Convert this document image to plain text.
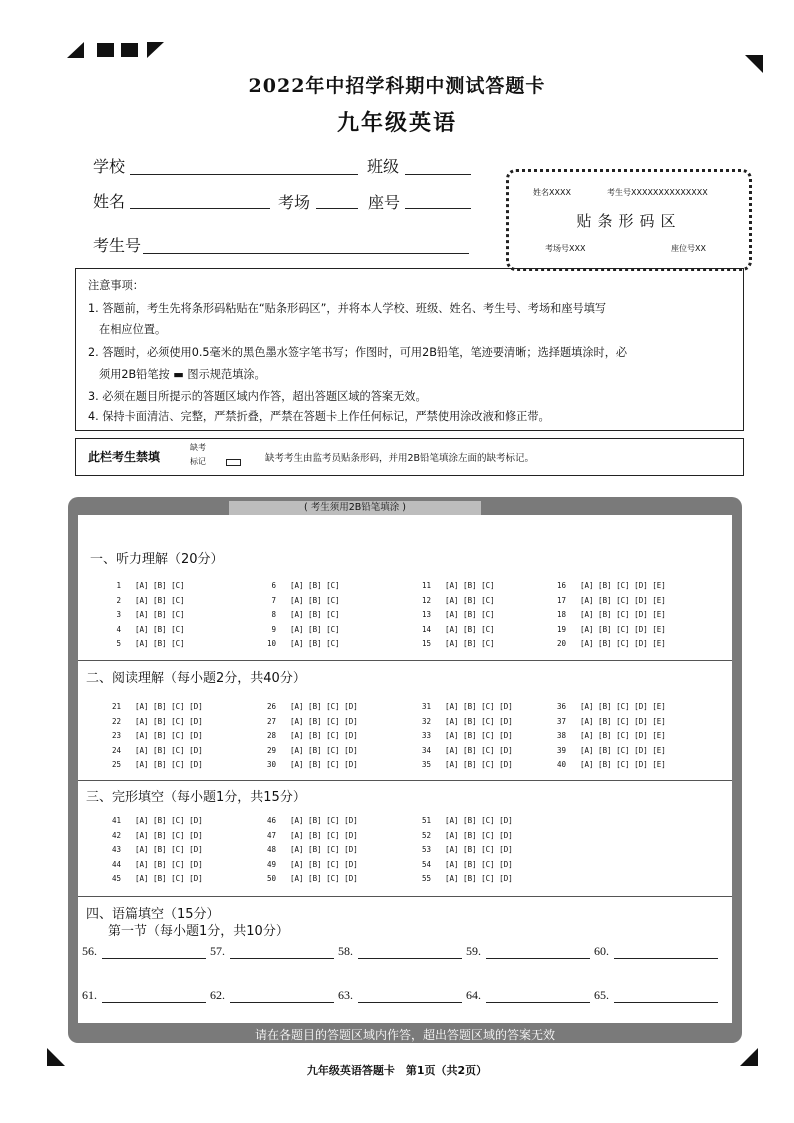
2022年中招学科期中测试答题卡
九年级英语
学校	班级
姓名	考场	座号
考生号
姓名XXXX	考生号XXXXXXXXXXXXXX
贴条形码区
考场号XXX	座位号XX
注意事项：
1. 答题前，考生先将条形码粘贴在“贴条形码区”，并将本人学校、班级、姓名、考生号、考场和座号填写
在相应位置。
2. 答题时，必须使用0.5毫米的黑色墨水签字笔书写；作图时，可用2B铅笔，笔迹要清晰；选择题填涂时，必
须用2B铅笔按 ▬ 图示规范填涂。
3. 必须在题目所提示的答题区域内作答，超出答题区域的答案无效。
4. 保持卡面清洁、完整，严禁折叠，严禁在答题卡上作任何标记，严禁使用涂改液和修正带。
此栏考生禁填
缺考
标记	缺考考生由监考员贴条形码，并用2B铅笔填涂左面的缺考标记。
( 考生须用2B铅笔填涂 )
请在各题目的答题区域内作答，超出答题区域的答案无效
一、听力理解（20分）
二、阅读理解（每小题2分，共40分）
三、完形填空（每小题1分，共15分）
四、语篇填空（15分）
第一节（每小题1分，共10分）
1 [A] [B] [C]
2 [A] [B] [C]
3 [A] [B] [C]
4 [A] [B] [C]
5 [A] [B] [C]
6 [A] [B] [C]
7 [A] [B] [C]
8 [A] [B] [C]
9 [A] [B] [C]
10 [A] [B] [C]
11 [A] [B] [C]
12 [A] [B] [C]
13 [A] [B] [C]
14 [A] [B] [C]
15 [A] [B] [C]
16 [A] [B] [C] [D] [E]
17 [A] [B] [C] [D] [E]
18 [A] [B] [C] [D] [E]
19 [A] [B] [C] [D] [E]
20 [A] [B] [C] [D] [E]
21 [A] [B] [C] [D]
22 [A] [B] [C] [D]
23 [A] [B] [C] [D]
24 [A] [B] [C] [D]
25 [A] [B] [C] [D]
26 [A] [B] [C] [D]
27 [A] [B] [C] [D]
28 [A] [B] [C] [D]
29 [A] [B] [C] [D]
30 [A] [B] [C] [D]
31 [A] [B] [C] [D]
32 [A] [B] [C] [D]
33 [A] [B] [C] [D]
34 [A] [B] [C] [D]
35 [A] [B] [C] [D]
36 [A] [B] [C] [D] [E]
37 [A] [B] [C] [D] [E]
38 [A] [B] [C] [D] [E]
39 [A] [B] [C] [D] [E]
40 [A] [B] [C] [D] [E]
41 [A] [B] [C] [D]
42 [A] [B] [C] [D]
43 [A] [B] [C] [D]
44 [A] [B] [C] [D]
45 [A] [B] [C] [D]
46 [A] [B] [C] [D]
47 [A] [B] [C] [D]
48 [A] [B] [C] [D]
49 [A] [B] [C] [D]
50 [A] [B] [C] [D]
51 [A] [B] [C] [D]
52 [A] [B] [C] [D]
53 [A] [B] [C] [D]
54 [A] [B] [C] [D]
55 [A] [B] [C] [D]
56.	57.	58.	59.	60.
61.	62.	63.	64.	65.
九年级英语答题卡　第1页（共2页）
